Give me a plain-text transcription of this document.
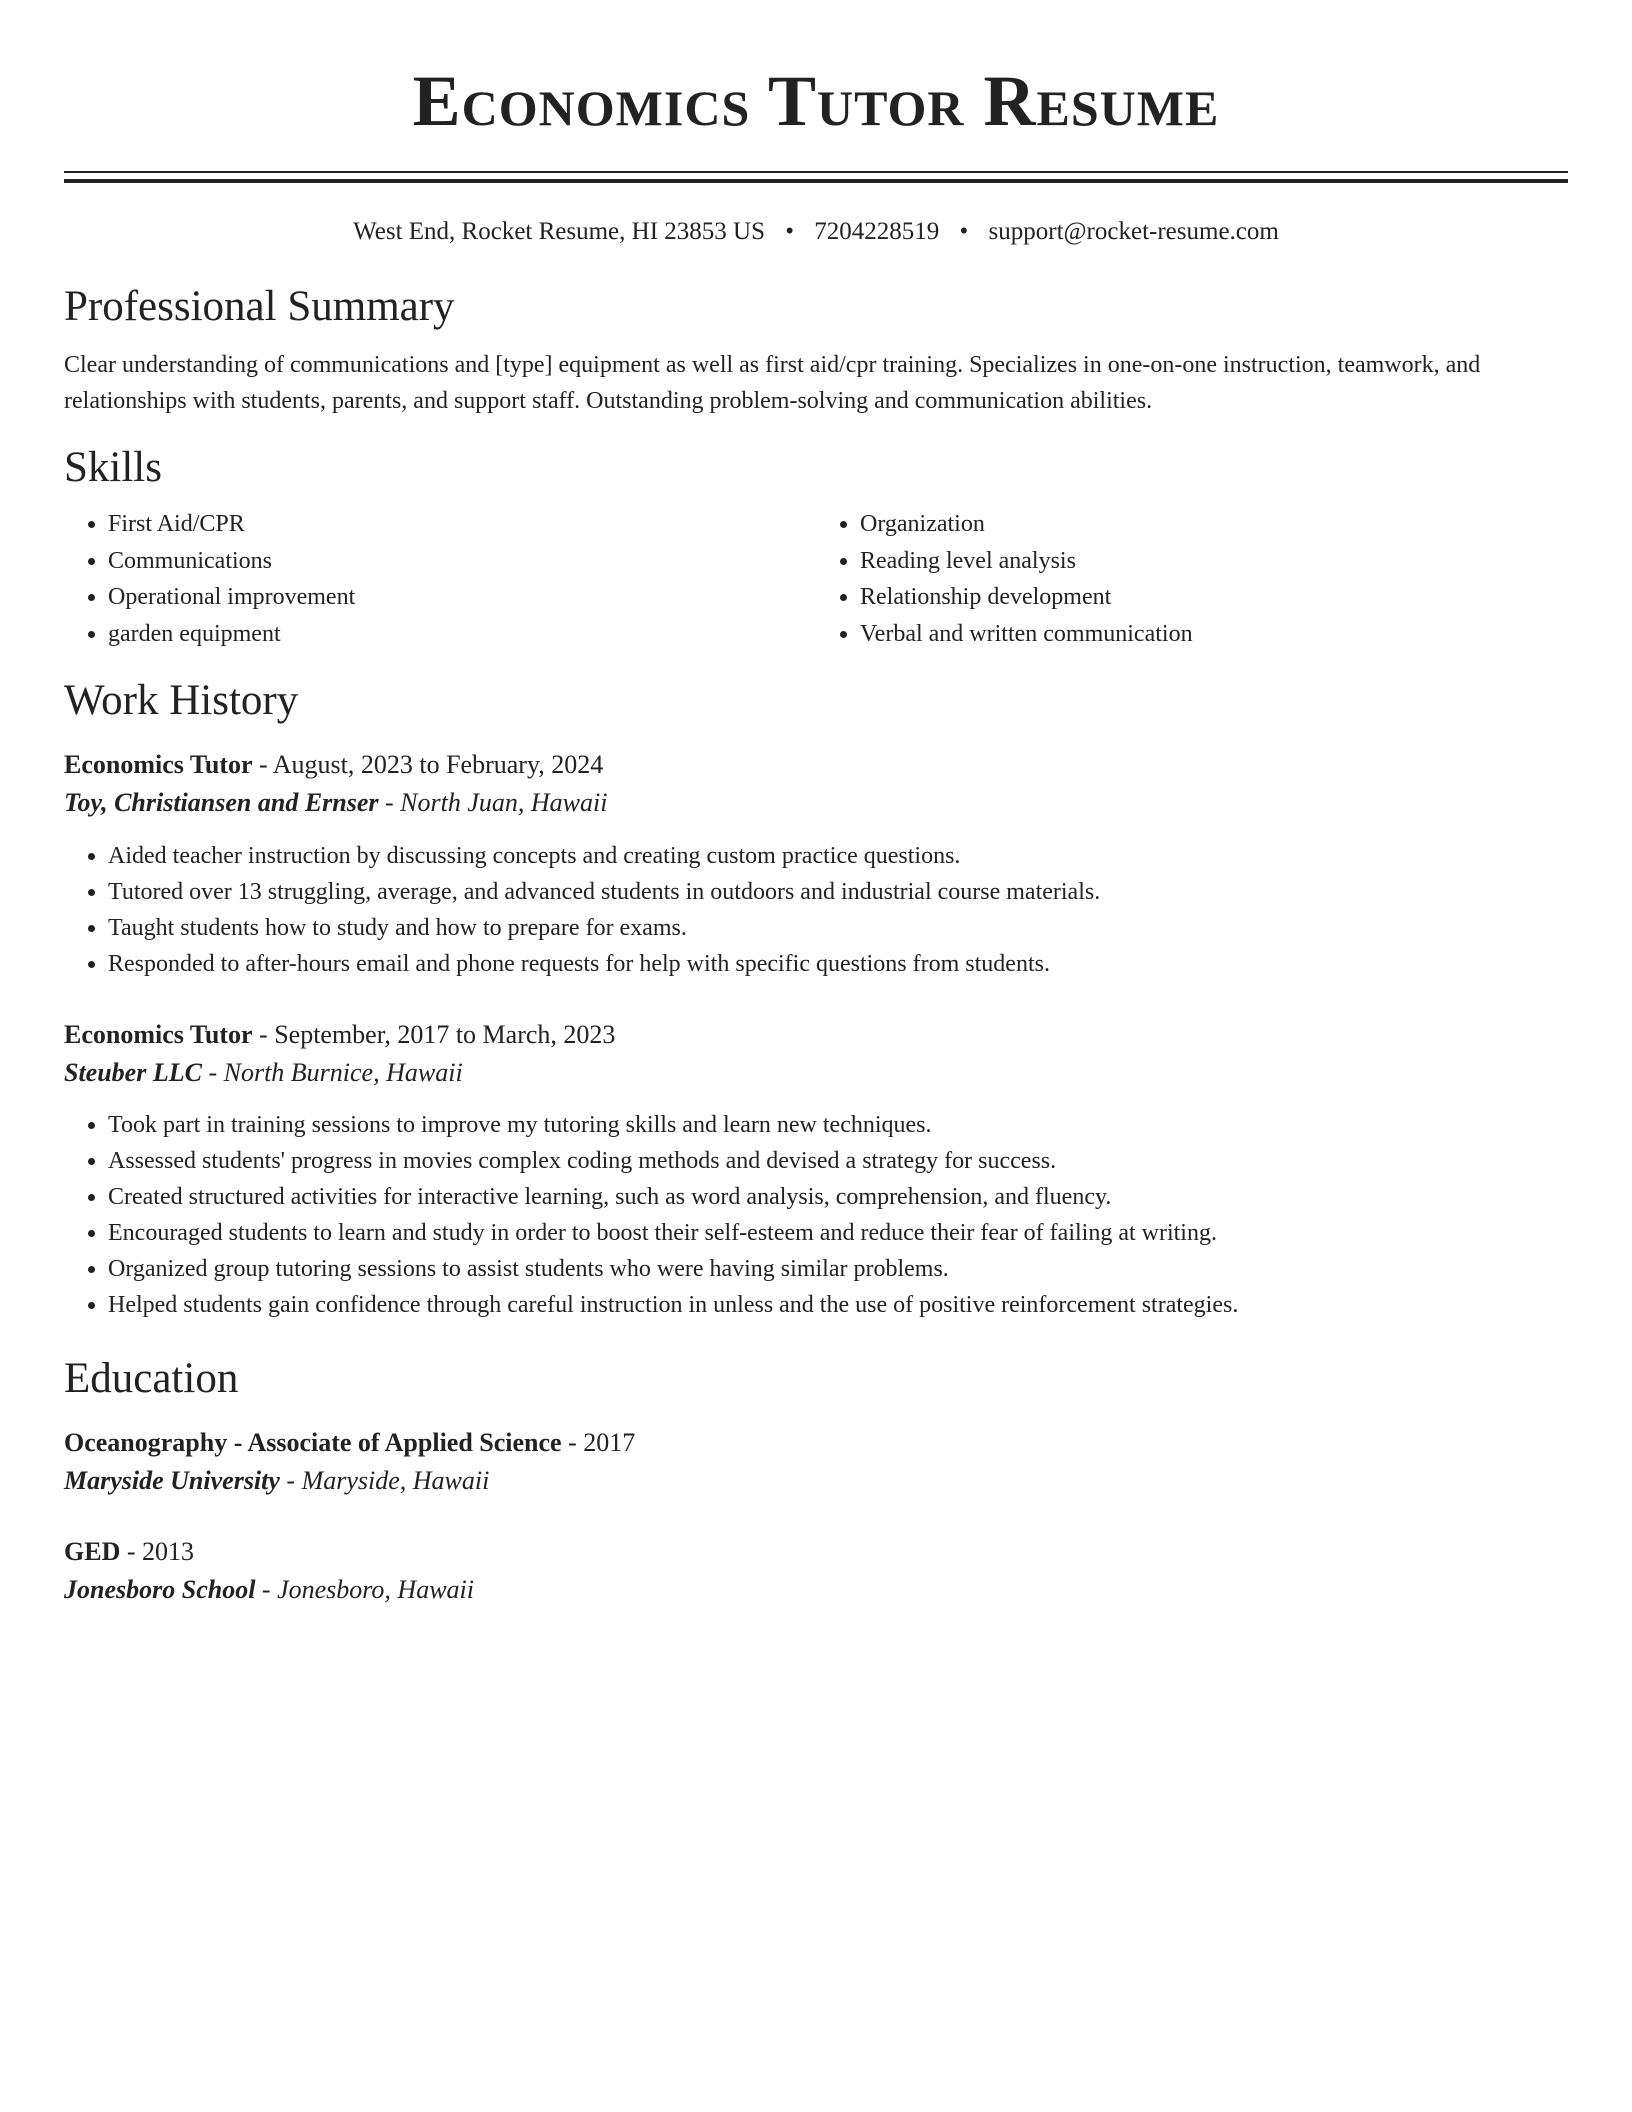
Economics Tutor Resume
West End, Rocket Resume, HI 23853 US • 7204228519 • support@rocket-resume.com
Professional Summary
Clear understanding of communications and [type] equipment as well as first aid/cpr training. Specializes in one-on-one instruction, teamwork, and relationships with students, parents, and support staff. Outstanding problem-solving and communication abilities.
Skills
• First Aid/CPR
• Communications
• Operational improvement
• garden equipment
• Organization
• Reading level analysis
• Relationship development
• Verbal and written communication
Work History
Economics Tutor - August, 2023 to February, 2024
Toy, Christiansen and Ernser - North Juan, Hawaii
• Aided teacher instruction by discussing concepts and creating custom practice questions.
• Tutored over 13 struggling, average, and advanced students in outdoors and industrial course materials.
• Taught students how to study and how to prepare for exams.
• Responded to after-hours email and phone requests for help with specific questions from students.
Economics Tutor - September, 2017 to March, 2023
Steuber LLC - North Burnice, Hawaii
• Took part in training sessions to improve my tutoring skills and learn new techniques.
• Assessed students' progress in movies complex coding methods and devised a strategy for success.
• Created structured activities for interactive learning, such as word analysis, comprehension, and fluency.
• Encouraged students to learn and study in order to boost their self-esteem and reduce their fear of failing at writing.
• Organized group tutoring sessions to assist students who were having similar problems.
• Helped students gain confidence through careful instruction in unless and the use of positive reinforcement strategies.
Education
Oceanography - Associate of Applied Science - 2017
Maryside University - Maryside, Hawaii
GED - 2013
Jonesboro School - Jonesboro, Hawaii
